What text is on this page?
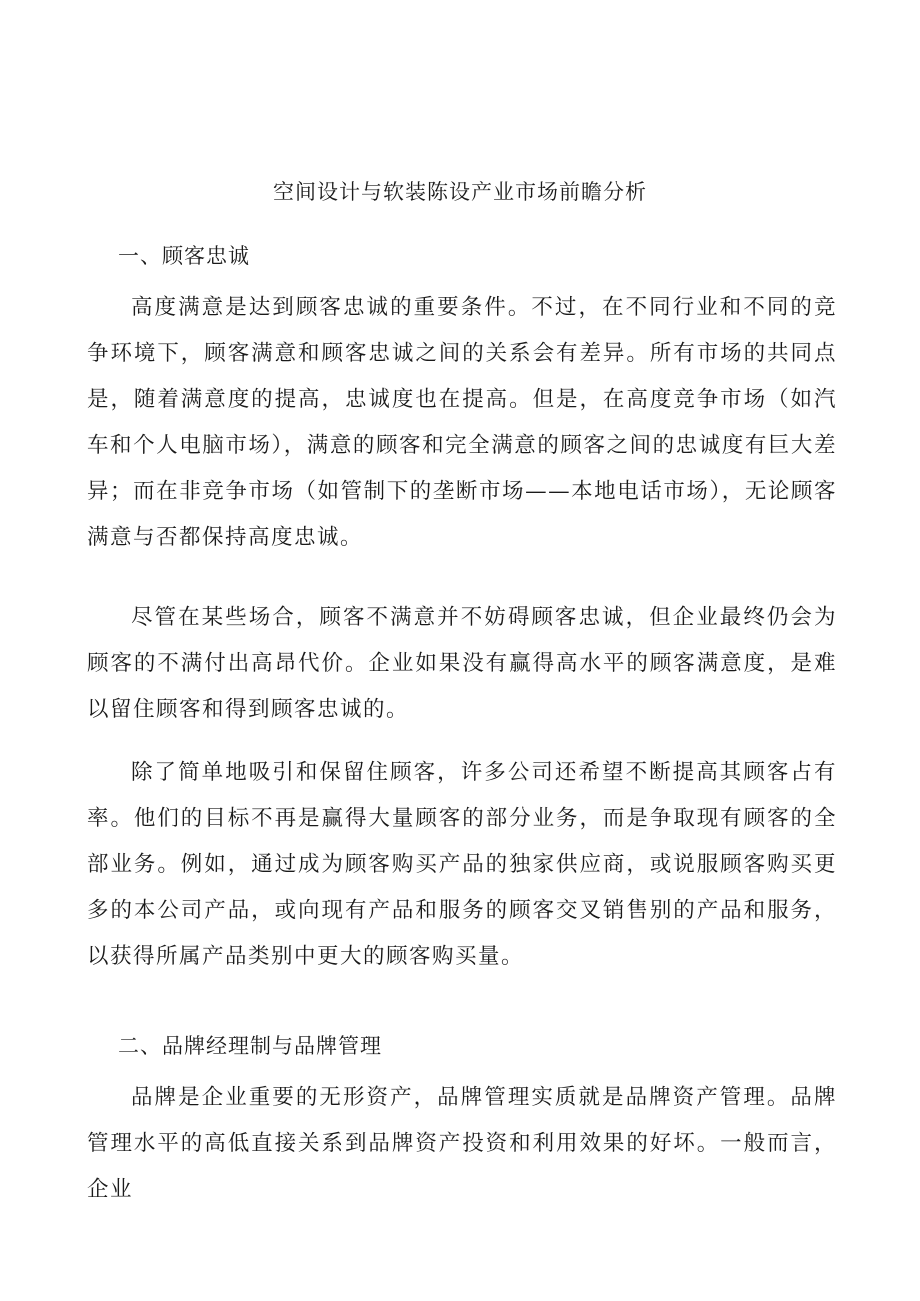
空间设计与软装陈设产业市场前瞻分析
一、顾客忠诚

高度满意是达到顾客忠诚的重要条件。不过，在不同行业和不同的竞争环境下，顾客满意和顾客忠诚之间的关系会有差异。所有市场的共同点是，随着满意度的提高，忠诚度也在提高。但是，在高度竞争市场（如汽车和个人电脑市场），满意的顾客和完全满意的顾客之间的忠诚度有巨大差异；而在非竞争市场（如管制下的垄断市场——本地电话市场），无论顾客满意与否都保持高度忠诚。

尽管在某些场合，顾客不满意并不妨碍顾客忠诚，但企业最终仍会为顾客的不满付出高昂代价。企业如果没有赢得高水平的顾客满意度，是难以留住顾客和得到顾客忠诚的。

除了简单地吸引和保留住顾客，许多公司还希望不断提高其顾客占有率。他们的目标不再是赢得大量顾客的部分业务，而是争取现有顾客的全部业务。例如，通过成为顾客购买产品的独家供应商，或说服顾客购买更多的本公司产品，或向现有产品和服务的顾客交叉销售别的产品和服务，以获得所属产品类别中更大的顾客购买量。

二、品牌经理制与品牌管理

品牌是企业重要的无形资产，品牌管理实质就是品牌资产管理。品牌管理水平的高低直接关系到品牌资产投资和利用效果的好坏。一般而言，企业
